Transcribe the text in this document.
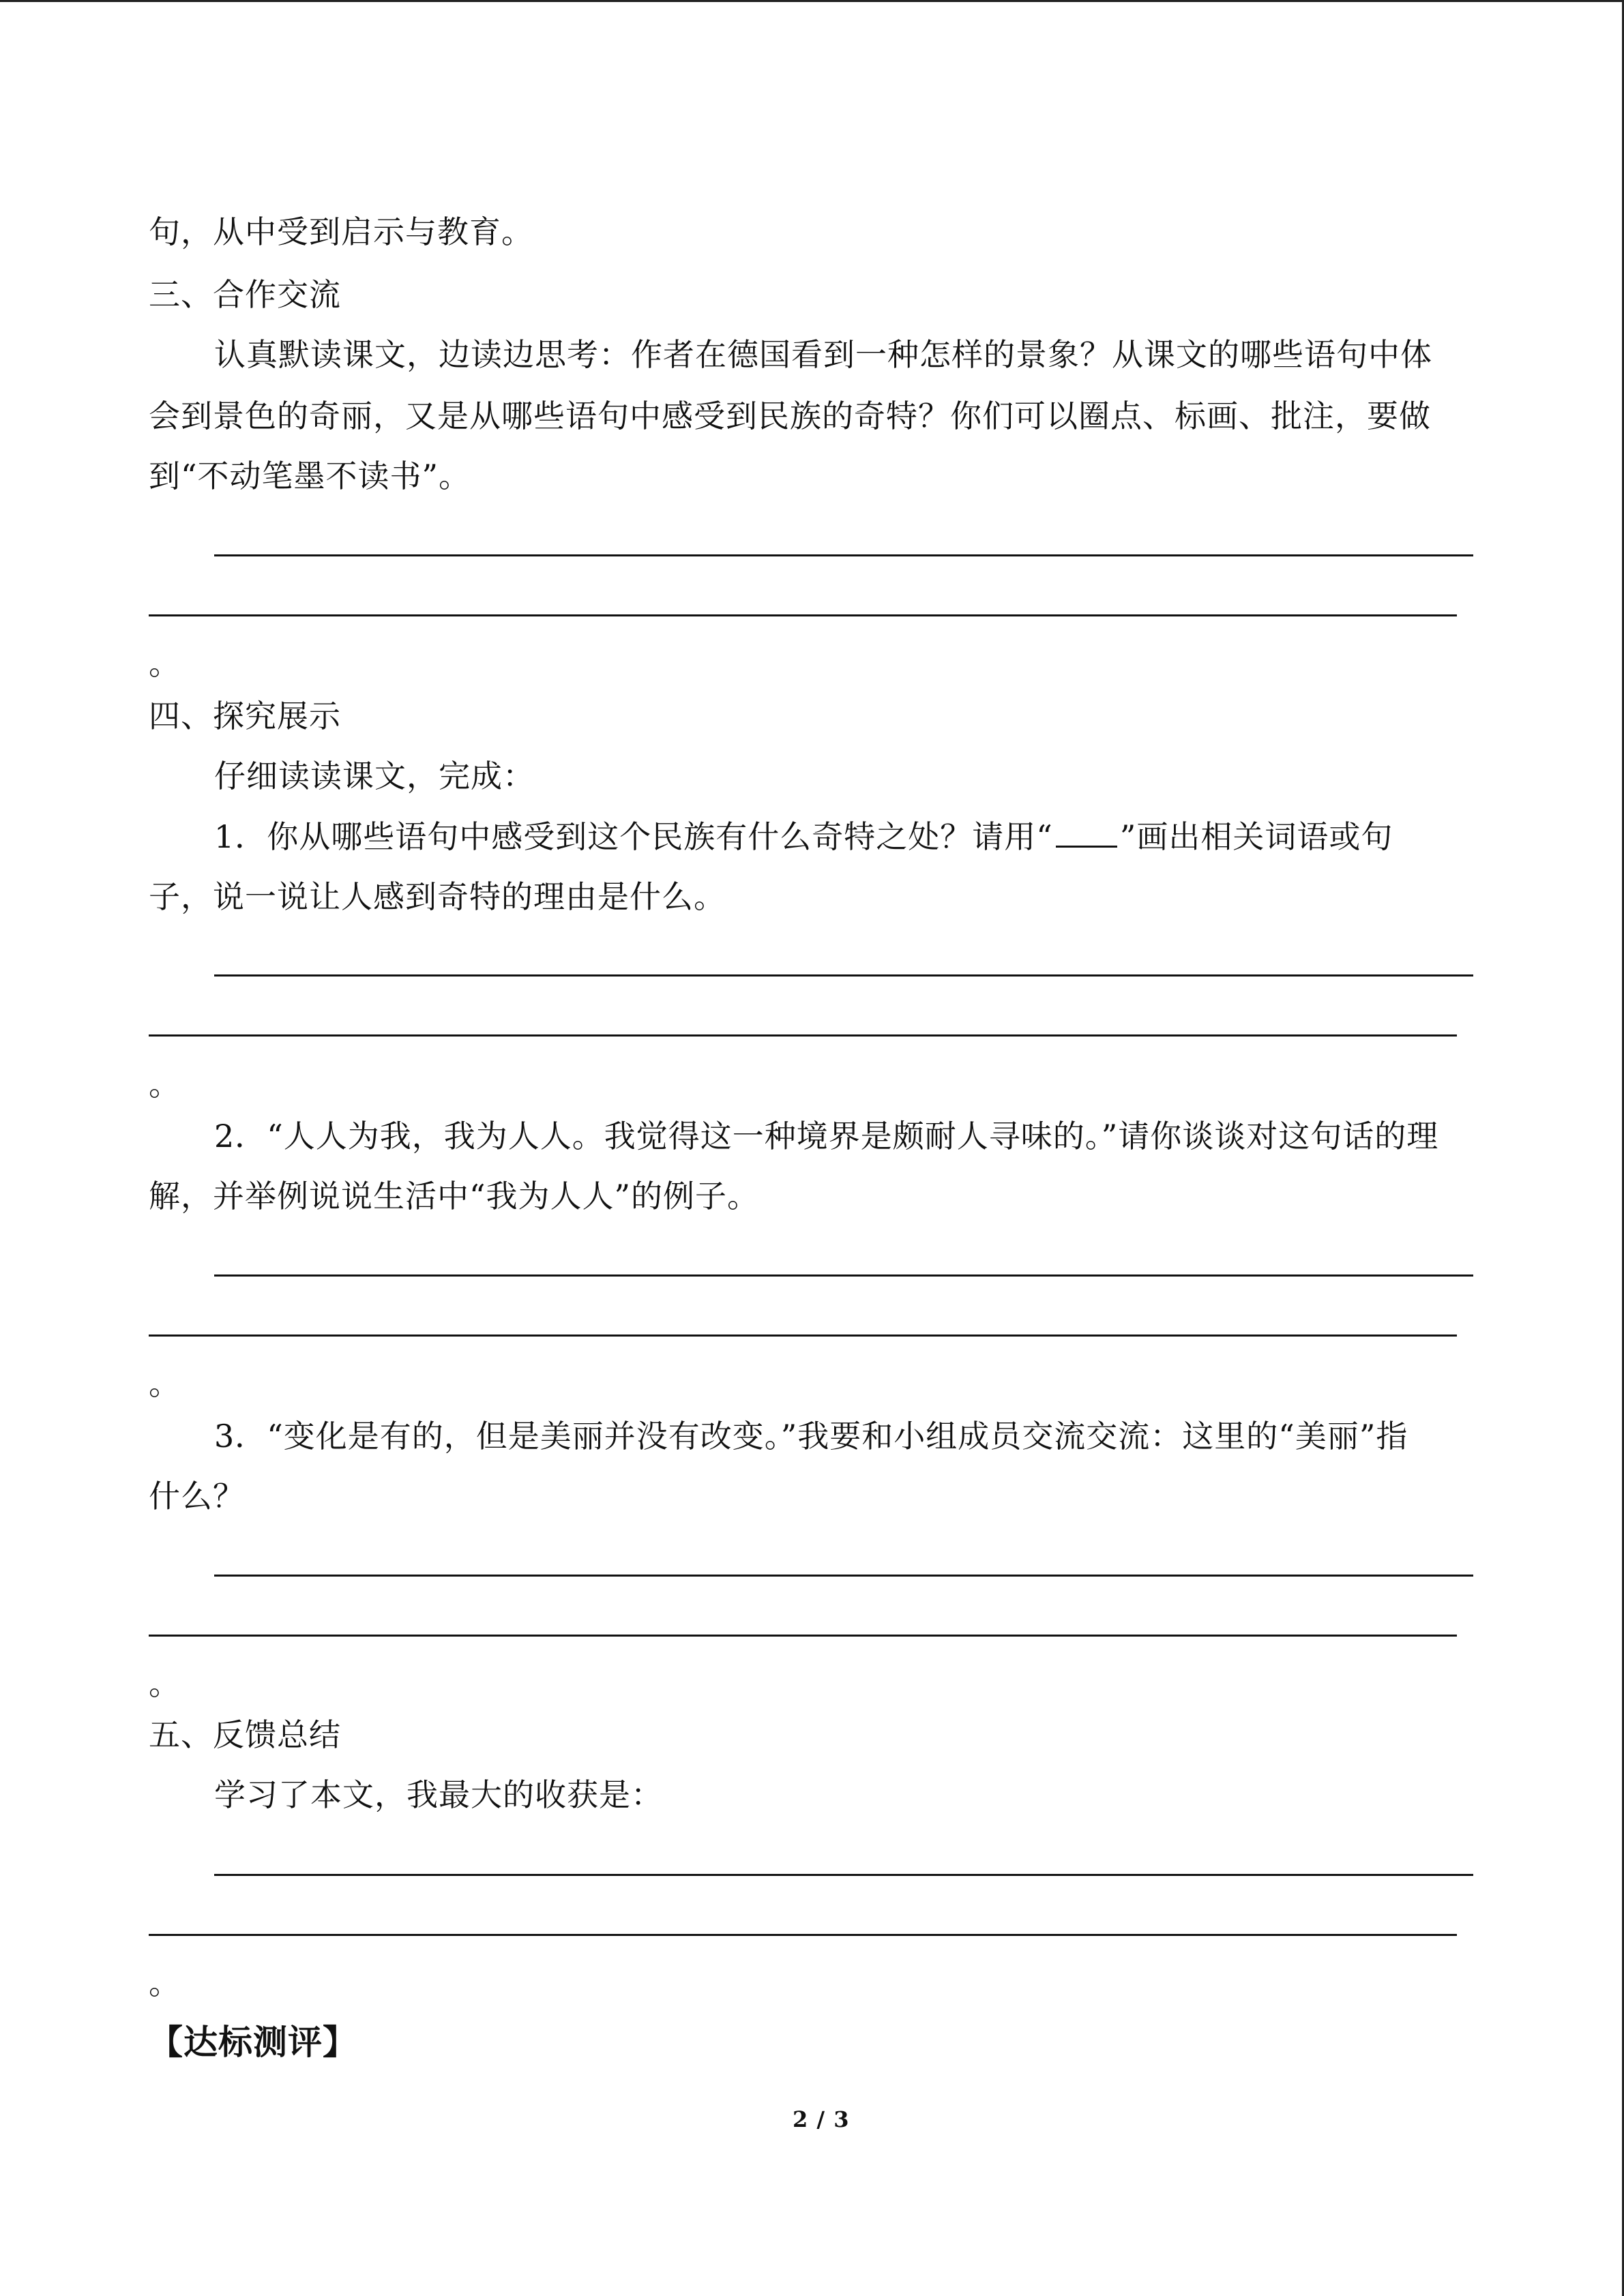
句，从中受到启示与教育。
三、合作交流
认真默读课文，边读边思考：作者在德国看到一种怎样的景象？从课文的哪些语句中体
会到景色的奇丽，又是从哪些语句中感受到民族的奇特？你们可以圈点、标画、批注，要做
到“不动笔墨不读书”。
。
四、探究展示
仔细读读课文，完成：
1．你从哪些语句中感受到这个民族有什么奇特之处？请用“ ”画出相关词语或句
子，说一说让人感到奇特的理由是什么。
。
2．“人人为我，我为人人。我觉得这一种境界是颇耐人寻味的。”请你谈谈对这句话的理
解，并举例说说生活中“我为人人”的例子。
。
3．“变化是有的，但是美丽并没有改变。”我要和小组成员交流交流：这里的“美丽”指
什么？
。
五、反馈总结
学习了本文，我最大的收获是：
。
【达标测评】
2 / 3
